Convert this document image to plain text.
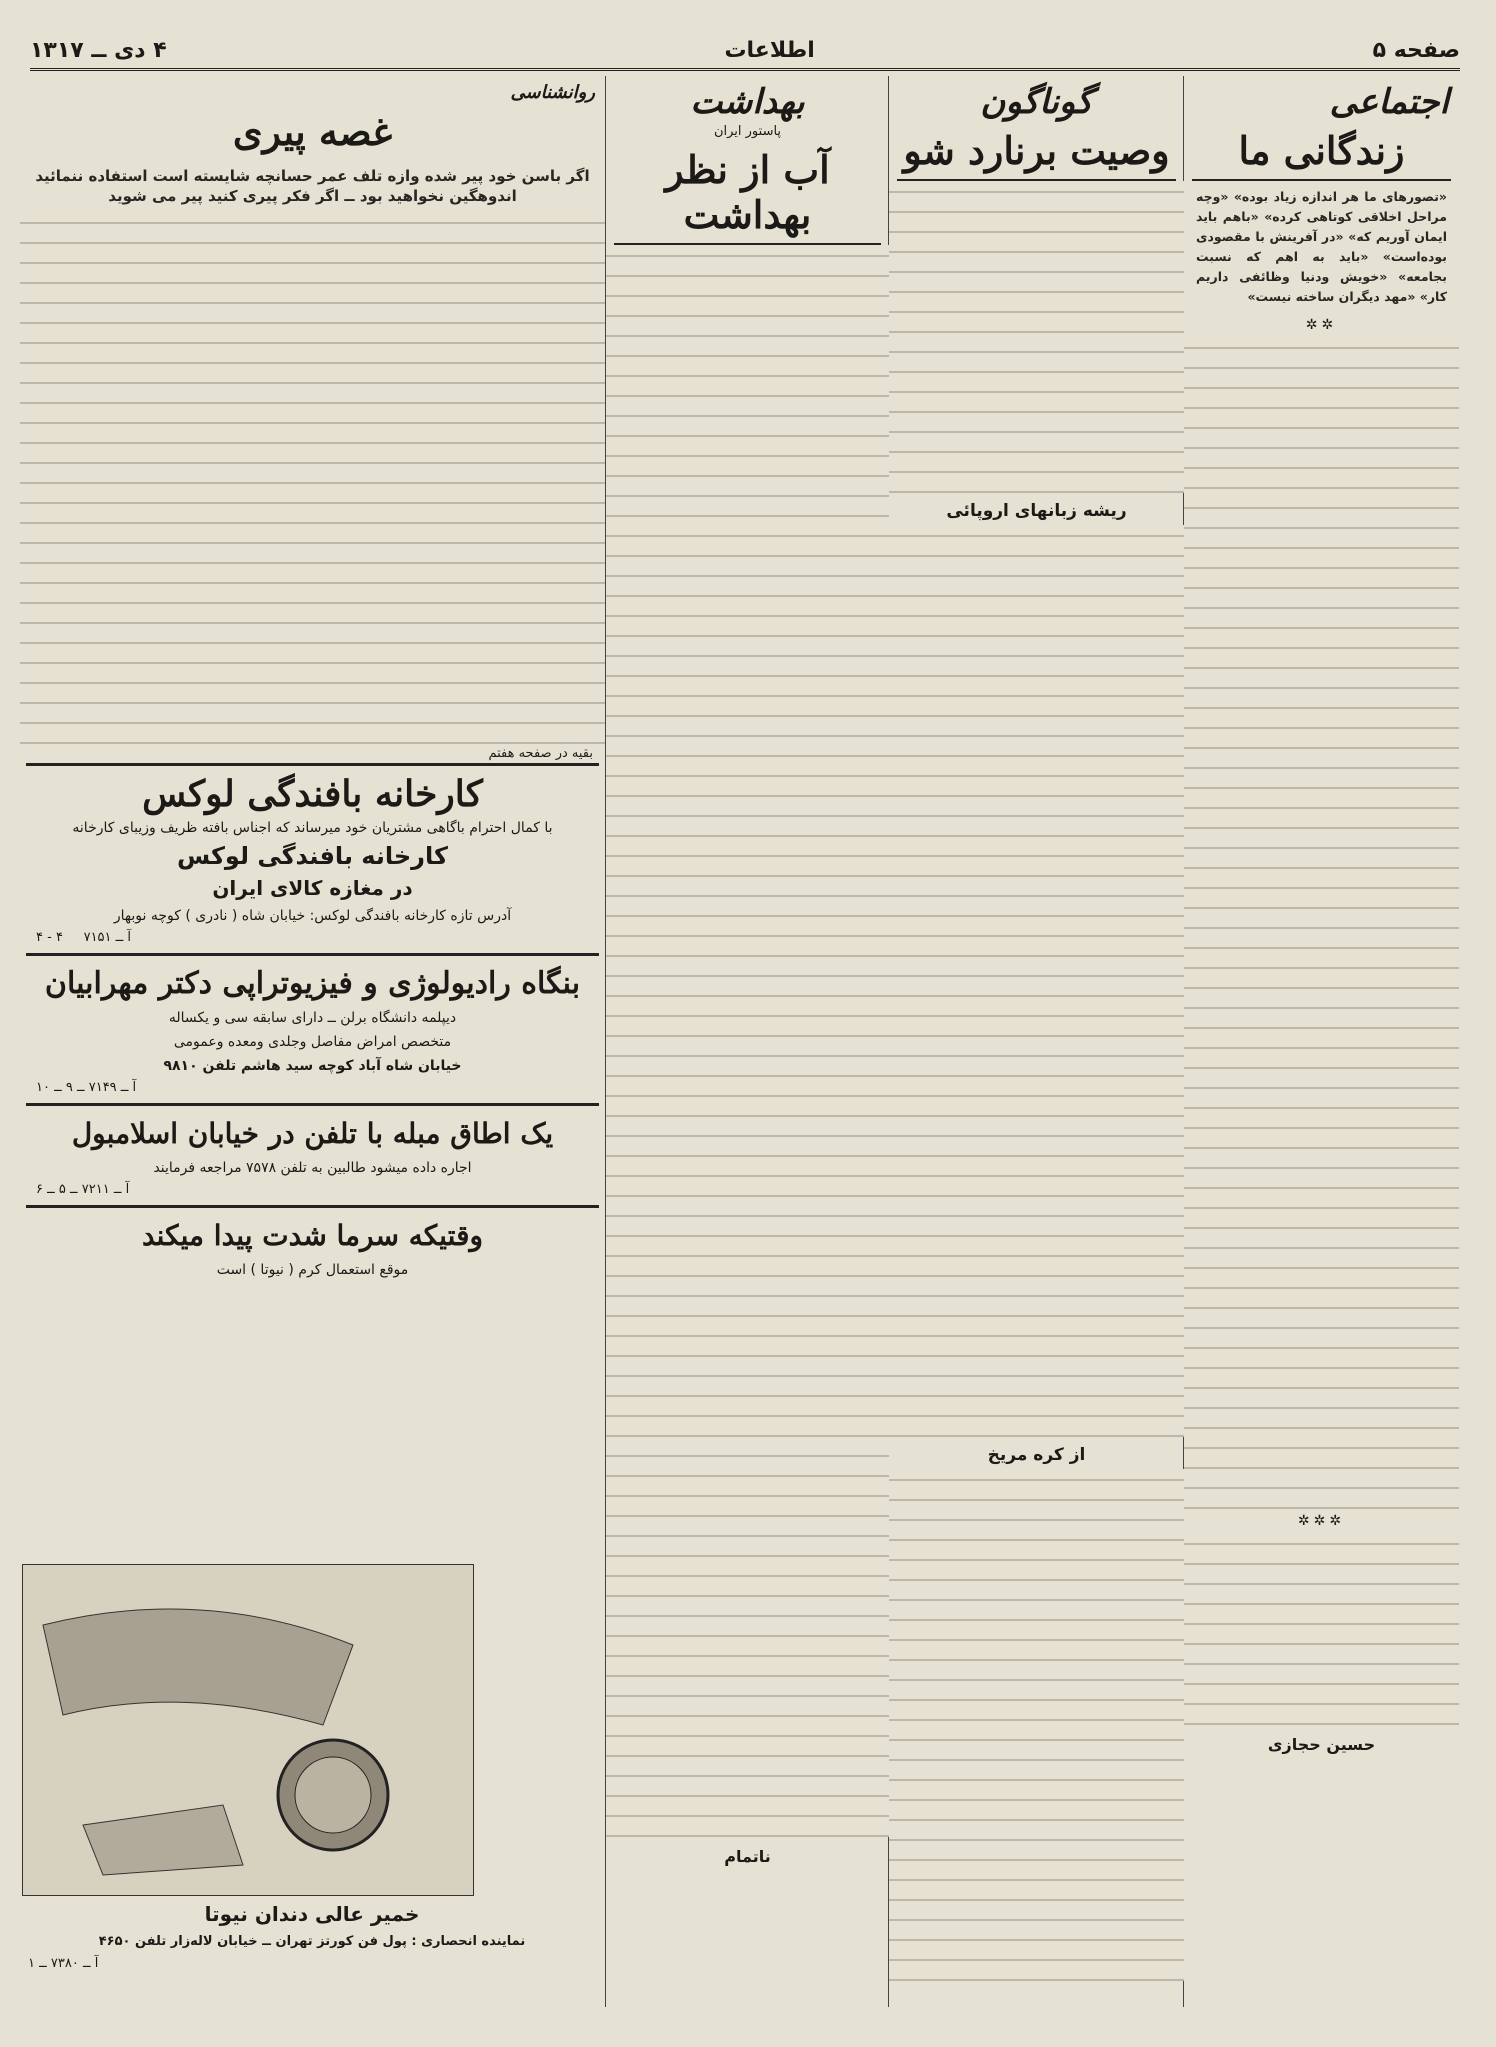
صفحه ۵
اطلاعات
۴ دی ــ ۱۳۱۷
اجتماعی
زندگانی ما
«تصورهای ما هر اندازه زیاد بوده» «وچه مراحل اخلاقی کوتاهی کرده» «باهم باید ایمان آوریم که» «در آفرینش با مقصودی بوده‌است» «باید به اهم که نسبت بجامعه» «خویش ودنیا وظائفی داریم کار» «مهد دیگران ساخته نیست»
✲✲
✲✲✲
حسین حجازی
گوناگون
وصیت برنارد شو
ریشه زبانهای اروپائی
از کره مریخ
بهداشت
پاستور ایران
آب از نظر بهداشت
ناتمام
روانشناسی
غصه پیری
اگر باسن خود پیر شده وازه تلف عمر حسانچه شایسته است استفاده ننمائید اندوهگین نخواهید بود ــ اگر فکر پیری کنید پیر می شوید
بقیه در صفحه هفتم
کارخانه بافندگی لوکس
با کمال احترام باگاهی مشتریان خود میرساند که اجناس بافته ظریف وزیبای کارخانه
کارخانه بافندگی لوکس
در مغازه کالای ایران
آدرس تازه کارخانه بافندگی لوکس: خیابان شاه ( نادری ) کوچه نوبهار
۴ - ۴ آ ــ ۷۱۵۱
بنگاه رادیولوژی و فیزیوتراپی دکتر مهرابیان
دیپلمه دانشگاه برلن ــ دارای سابقه سی و یکساله
متخصص امراض مفاصل وجلدی ومعده وعمومی
خیابان شاه آباد کوچه سید هاشم تلفن ۹۸۱۰
آ ــ ۷۱۴۹ ــ ۹ ــ ۱۰
یک اطاق مبله با تلفن در خیابان اسلامبول
اجاره داده میشود طالبین به تلفن ۷۵۷۸ مراجعه فرمایند
آ ــ ۷۲۱۱ ــ ۵ ــ ۶
وقتیکه سرما شدت پیدا میکند
موقع استعمال کرم ( نیوتا ) است
خمیر عالی دندان نیوتا
نماینده انحصاری : پول فن کورتز تهران ــ خیابان لاله‌زار تلفن ۴۶۵۰
آ ــ ۷۳۸۰ ــ ۱
